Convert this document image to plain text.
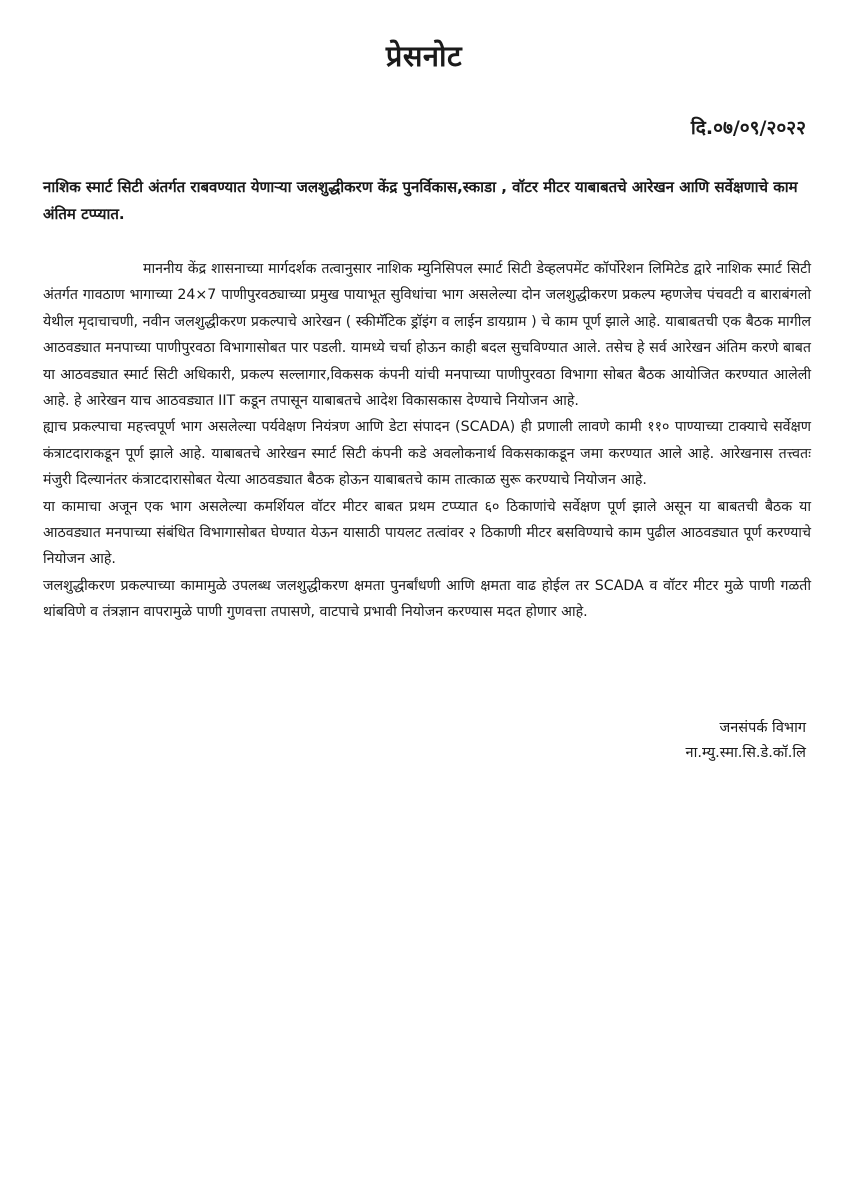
प्रेसनोट
दि.०७/०९/२०२२
नाशिक स्मार्ट सिटी अंतर्गत राबवण्यात येणाऱ्या जलशुद्धीकरण केंद्र पुनर्विकास,स्काडा , वॉटर मीटर याबाबतचे आरेखन आणि सर्वेक्षणाचे काम अंतिम टप्प्यात.

माननीय केंद्र शासनाच्या मार्गदर्शक तत्वानुसार नाशिक म्युनिसिपल स्मार्ट सिटी डेव्हलपमेंट कॉर्पोरेशन लिमिटेड द्वारे नाशिक स्मार्ट सिटी अंतर्गत गावठाण भागाच्या 24×7 पाणीपुरवठ्याच्या प्रमुख पायाभूत सुविधांचा भाग असलेल्या दोन जलशुद्धीकरण प्रकल्प म्हणजेच पंचवटी व बाराबंगलो येथील मृदाचाचणी, नवीन जलशुद्धीकरण प्रकल्पाचे आरेखन ( स्कीमॅटिक ड्रॉइंग व लाईन डायग्राम ) चे काम पूर्ण झाले आहे. याबाबतची एक बैठक मागील आठवड्यात मनपाच्या पाणीपुरवठा विभागासोबत पार पडली. यामध्ये चर्चा होऊन काही बदल सुचविण्यात आले. तसेच हे सर्व आरेखन अंतिम करणे बाबत या आठवड्यात स्मार्ट सिटी अधिकारी, प्रकल्प सल्लागार,विकसक कंपनी यांची मनपाच्या पाणीपुरवठा विभागा सोबत बैठक आयोजित करण्यात आलेली आहे. हे आरेखन याच आठवड्यात IIT कडून तपासून याबाबतचे आदेश विकासकास देण्याचे नियोजन आहे.

ह्याच प्रकल्पाचा महत्त्वपूर्ण भाग असलेल्या पर्यवेक्षण नियंत्रण आणि डेटा संपादन (SCADA) ही प्रणाली लावणे कामी ११० पाण्याच्या टाक्याचे सर्वेक्षण कंत्राटदाराकडून पूर्ण झाले आहे. याबाबतचे आरेखन स्मार्ट सिटी कंपनी कडे अवलोकनार्थ विकसकाकडून जमा करण्यात आले आहे. आरेखनास तत्त्वतः मंजुरी दिल्यानंतर कंत्राटदारासोबत येत्या आठवड्यात बैठक होऊन याबाबतचे काम तात्काळ सुरू करण्याचे नियोजन आहे.

या कामाचा अजून एक भाग असलेल्या कमर्शियल वॉटर मीटर बाबत प्रथम टप्प्यात ६० ठिकाणांचे सर्वेक्षण पूर्ण झाले असून या बाबतची बैठक या आठवड्यात मनपाच्या संबंधित विभागासोबत घेण्यात येऊन यासाठी पायलट तत्वांवर २ ठिकाणी मीटर बसविण्याचे काम पुढील आठवड्यात पूर्ण करण्याचे नियोजन आहे.

जलशुद्धीकरण प्रकल्पाच्या कामामुळे उपलब्ध जलशुद्धीकरण क्षमता पुनर्बांधणी आणि क्षमता वाढ होईल तर SCADA व वॉटर मीटर मुळे पाणी गळती थांबविणे व तंत्रज्ञान वापरामुळे पाणी गुणवत्ता तपासणे, वाटपाचे प्रभावी नियोजन करण्यास मदत होणार आहे.

जनसंपर्क विभाग
ना.म्यु.स्मा.सि.डे.कॉ.लि
